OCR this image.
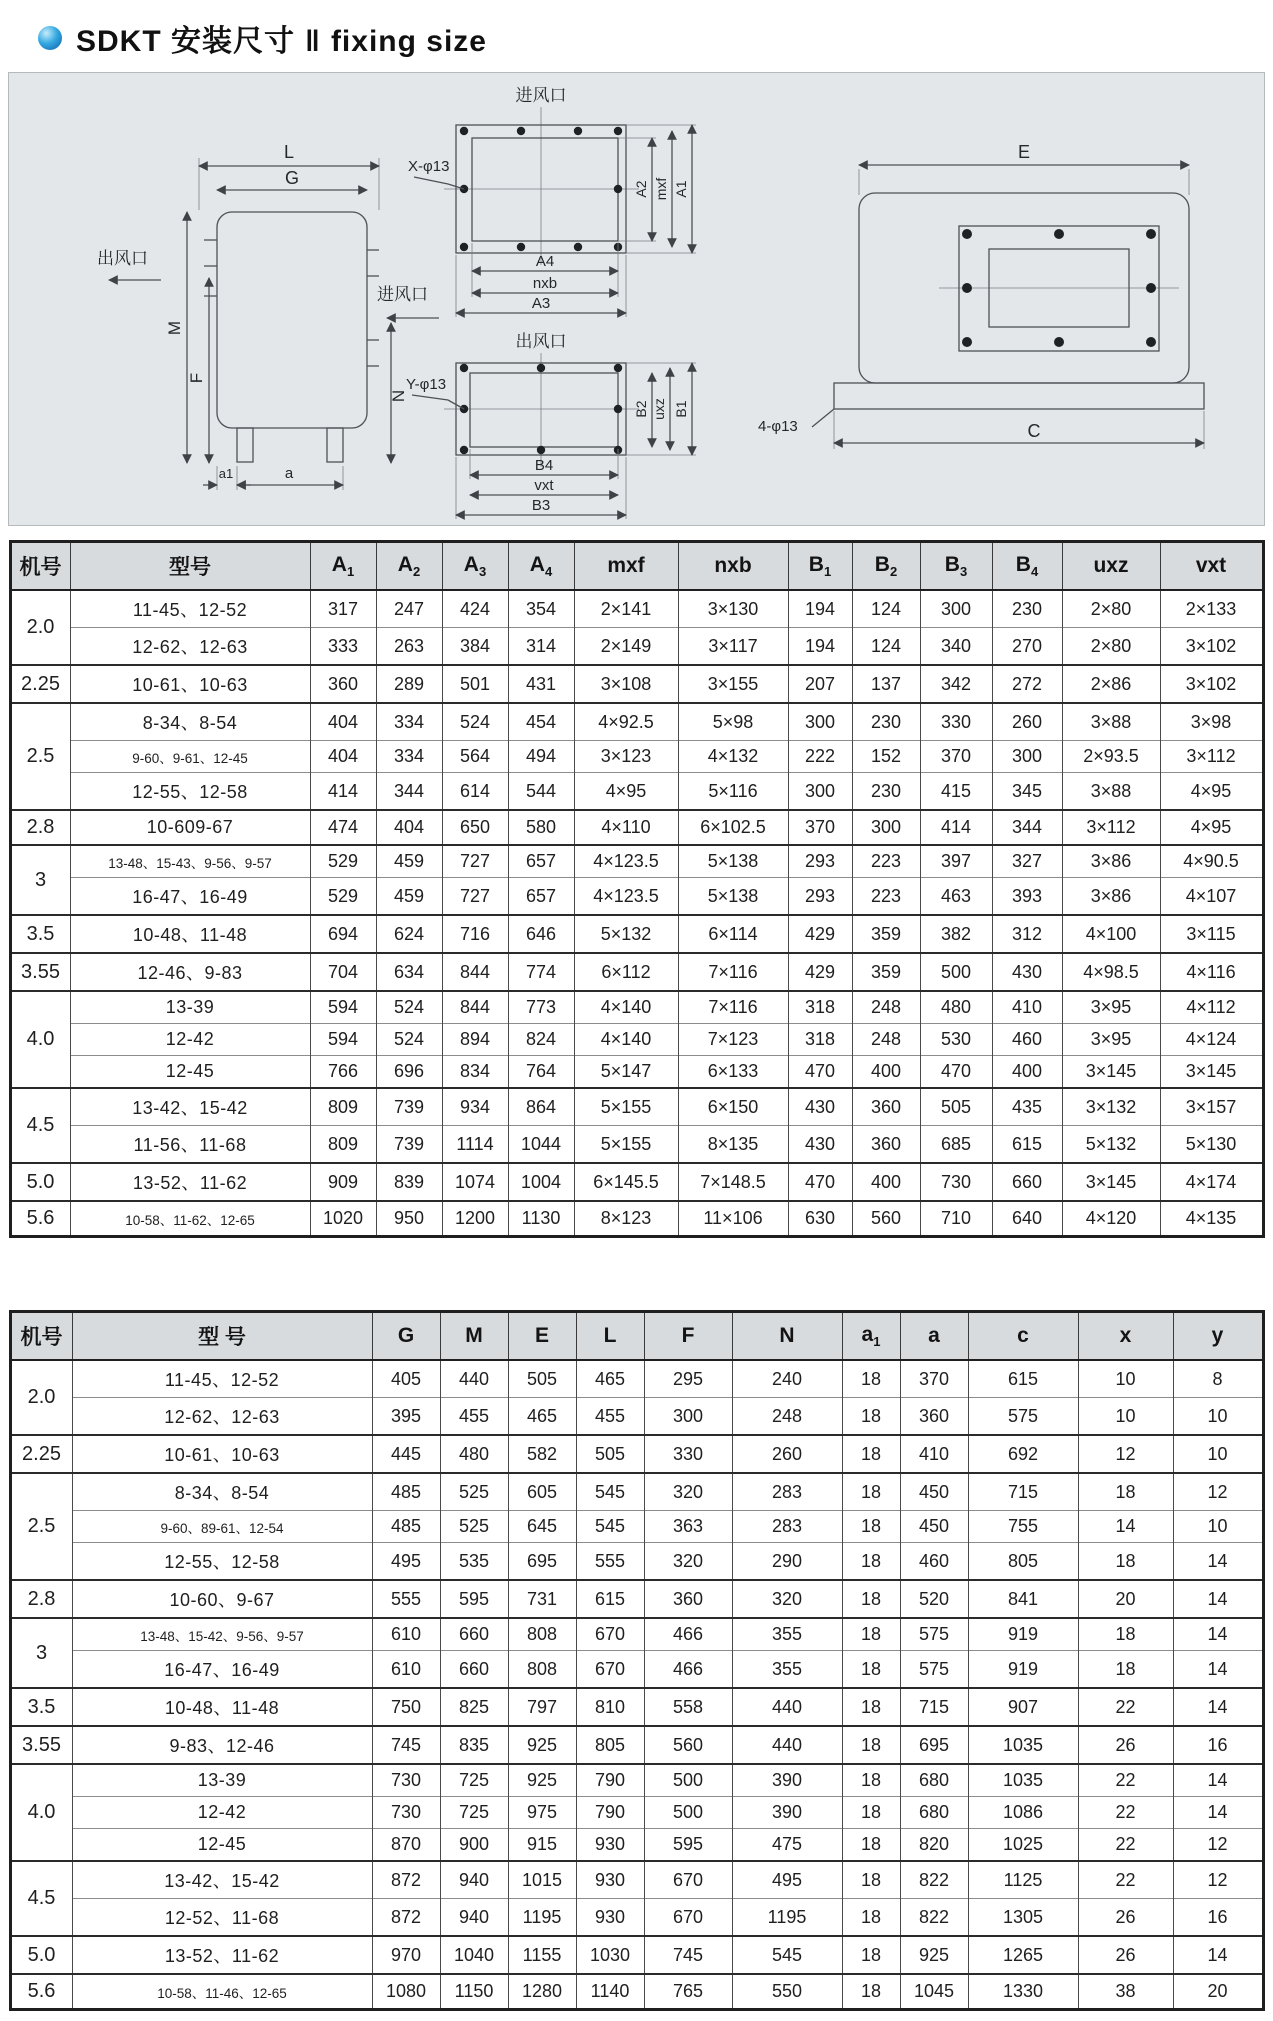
SDKT 安装尺寸 ‖ fixing size
L
G
M
F
N
出风口
进风口
a1	a
进风口
X-φ13
A4
nxb
A3
A2 mxf A1
出风口
Y-φ13
B4
vxt
B3
B2 uxz B1
E
4-φ13	C
机号	型号	$A_1$	$A_2$	$A_3$	$A_4$	mxf	nxb	$B_1$	$B_2$	$B_3$	$B_4$	uxz	vxt
2.0	11-45、12-52	317	247	424	354	2×141	3×130	194	124	300	230	2×80	2×133
	12-62、12-63	333	263	384	314	2×149	3×117	194	124	340	270	2×80	3×102
2.25	10-61、10-63	360	289	501	431	3×108	3×155	207	137	342	272	2×86	3×102
2.5	8-34、8-54	404	334	524	454	4×92.5	5×98	300	230	330	260	3×88	3×98
	9-60、9-61、12-45	404	334	564	494	3×123	4×132	222	152	370	300	2×93.5	3×112
	12-55、12-58	414	344	614	544	4×95	5×116	300	230	415	345	3×88	4×95
2.8	10-609-67	474	404	650	580	4×110	6×102.5	370	300	414	344	3×112	4×95
3	13-48、15-43、9-56、9-57	529	459	727	657	4×123.5	5×138	293	223	397	327	3×86	4×90.5
	16-47、16-49	529	459	727	657	4×123.5	5×138	293	223	463	393	3×86	4×107
3.5	10-48、11-48	694	624	716	646	5×132	6×114	429	359	382	312	4×100	3×115
3.55	12-46、9-83	704	634	844	774	6×112	7×116	429	359	500	430	4×98.5	4×116
4.0	13-39	594	524	844	773	4×140	7×116	318	248	480	410	3×95	4×112
	12-42	594	524	894	824	4×140	7×123	318	248	530	460	3×95	4×124
	12-45	766	696	834	764	5×147	6×133	470	400	470	400	3×145	3×145
4.5	13-42、15-42	809	739	934	864	5×155	6×150	430	360	505	435	3×132	3×157
	11-56、11-68	809	739	1114	1044	5×155	8×135	430	360	685	615	5×132	5×130
5.0	13-52、11-62	909	839	1074	1004	6×145.5	7×148.5	470	400	730	660	3×145	4×174
5.6	10-58、11-62、12-65	1020	950	1200	1130	8×123	11×106	630	560	710	640	4×120	4×135
机号	型 号	G	M	E	L	F	N	$a_1$	a	c	x	y
2.0	11-45、12-52	405	440	505	465	295	240	18	370	615	10	8
	12-62、12-63	395	455	465	455	300	248	18	360	575	10	10
2.25	10-61、10-63	445	480	582	505	330	260	18	410	692	12	10
2.5	8-34、8-54	485	525	605	545	320	283	18	450	715	18	12
	9-60、89-61、12-54	485	525	645	545	363	283	18	450	755	14	10
	12-55、12-58	495	535	695	555	320	290	18	460	805	18	14
2.8	10-60、9-67	555	595	731	615	360	320	18	520	841	20	14
3	13-48、15-42、9-56、9-57	610	660	808	670	466	355	18	575	919	18	14
	16-47、16-49	610	660	808	670	466	355	18	575	919	18	14
3.5	10-48、11-48	750	825	797	810	558	440	18	715	907	22	14
3.55	9-83、12-46	745	835	925	805	560	440	18	695	1035	26	16
4.0	13-39	730	725	925	790	500	390	18	680	1035	22	14
	12-42	730	725	975	790	500	390	18	680	1086	22	14
	12-45	870	900	915	930	595	475	18	820	1025	22	12
4.5	13-42、15-42	872	940	1015	930	670	495	18	822	1125	22	12
	12-52、11-68	872	940	1195	930	670	1195	18	822	1305	26	16
5.0	13-52、11-62	970	1040	1155	1030	745	545	18	925	1265	26	14
5.6	10-58、11-46、12-65	1080	1150	1280	1140	765	550	18	1045	1330	38	20
